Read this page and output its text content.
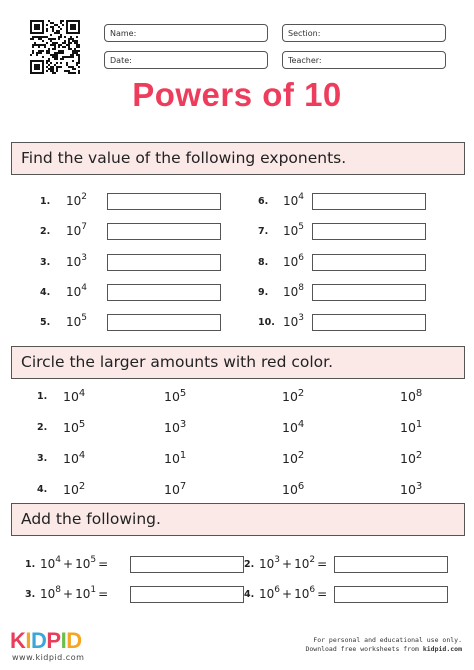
Name:	Section:
Date:	Teacher:
Powers of 10
Find the value of the following exponents.
1. $10^2$
2. $10^7$
3. $10^3$
4. $10^4$
5. $10^5$
6. $10^4$
7. $10^5$
8. $10^6$
9. $10^8$
10. $10^3$
Circle the larger amounts with red color.
1. $10^4$	$10^5$	$10^2$	$10^8$
2. $10^5$	$10^3$	$10^4$	$10^1$
3. $10^4$	$10^1$	$10^2$	$10^2$
4. $10^2$	$10^7$	$10^6$	$10^3$
Add the following.
1. $10^4 + 10^5$ =	2. $10^3 + 10^2$ =
3. $10^8 + 10^1$ =	4. $10^6 + 10^6$ =
KIDPID
www.kidpid.com
For personal and educational use only.
Download free worksheets from kidpid.com
